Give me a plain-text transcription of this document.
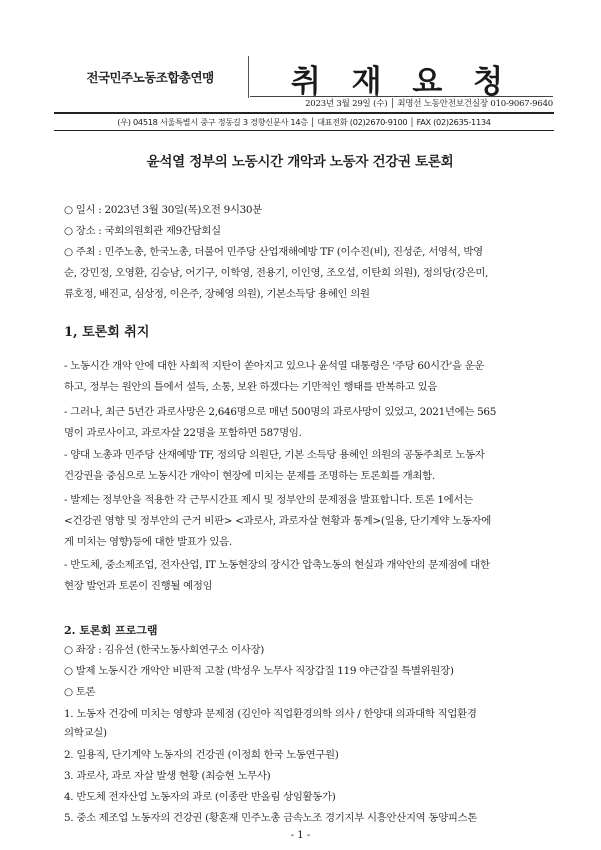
전국민주노동조합총연맹	취 재 요 청
2023년 3월 29일 (수) │ 최명선 노동안전보건실장 010-9067-9640
(우) 04518 서울특별시 중구 정동길 3 경향신문사 14층 │ 대표전화 (02)2670-9100 │ FAX (02)2635-1134
윤석열 정부의 노동시간 개악과 노동자 건강권 토론회
○ 일시 : 2023년 3월 30일(목)오전 9시30분
○ 장소 : 국회의원회관 제9간담회실
○ 주최 : 민주노총, 한국노총, 더불어 민주당 산업재해예방 TF (이수진(비), 진성준, 서영석, 박영
순, 강민정, 오영환, 김승남, 어기구, 이학영, 전용기, 이인영, 조오섭, 이탄희 의원), 정의당(강은미,
류호정, 배진교, 심상정, 이은주, 장혜영 의원), 기본소득당 용혜인 의원
1, 토론회 취지
- 노동시간 개악 안에 대한 사회적 지탄이 쏟아지고 있으나 윤석열 대통령은 '주당 60시간'을 운운
하고, 정부는 원안의 틀에서 설득, 소통, 보완 하겠다는 기만적인 행태를 반복하고 있음
- 그러나, 최근 5년간 과로사망은 2,646명으로 매년 500명의 과로사망이 있었고, 2021년에는 565
명이 과로사이고, 과로자살 22명을 포함하면 587명임.
- 양대 노총과 민주당 산재예방 TF, 정의당 의원단, 기본 소득당 용혜인 의원의 공동주최로 노동자
건강권을 중심으로 노동시간 개악이 현장에 미치는 문제를 조명하는 토론회를 개최함.
- 발제는 정부안을 적용한 각 근무시간표 제시 및 정부안의 문제점을 발표합니다. 토론 1에서는
<건강권 영향 및 정부안의 근거 비판> <과로사, 과로자살 현황과 통계>(일용, 단기계약 노동자에
게 미치는 영향)등에 대한 발표가 있음.
- 반도체, 중소제조업, 전자산업, IT 노동현장의 장시간 압축노동의 현실과 개악안의 문제점에 대한
현장 발언과 토론이 진행될 예정임
2. 토론회 프로그램
○ 좌장 : 김유선 (한국노동사회연구소 이사장)
○ 발제 노동시간 개악안 비판적 고찰 (박성우 노무사 직장갑질 119 야근갑질 특별위원장)
○ 토론
1. 노동자 건강에 미치는 영향과 문제점 (김인아 직업환경의학 의사 / 한양대 의과대학 직업환경
의학교실)
2. 일용직, 단기계약 노동자의 건강권 (이정희 한국 노동연구원)
3. 과로사, 과로 자살 발생 현황 (최승현 노무사)
4. 반도체 전자산업 노동자의 과로 (이종란 반올림 상임활동가)
5. 중소 제조업 노동자의 건강권 (황혼재 민주노총 금속노조 경기지부 시흥안산지역 동양피스톤
- 1 -
